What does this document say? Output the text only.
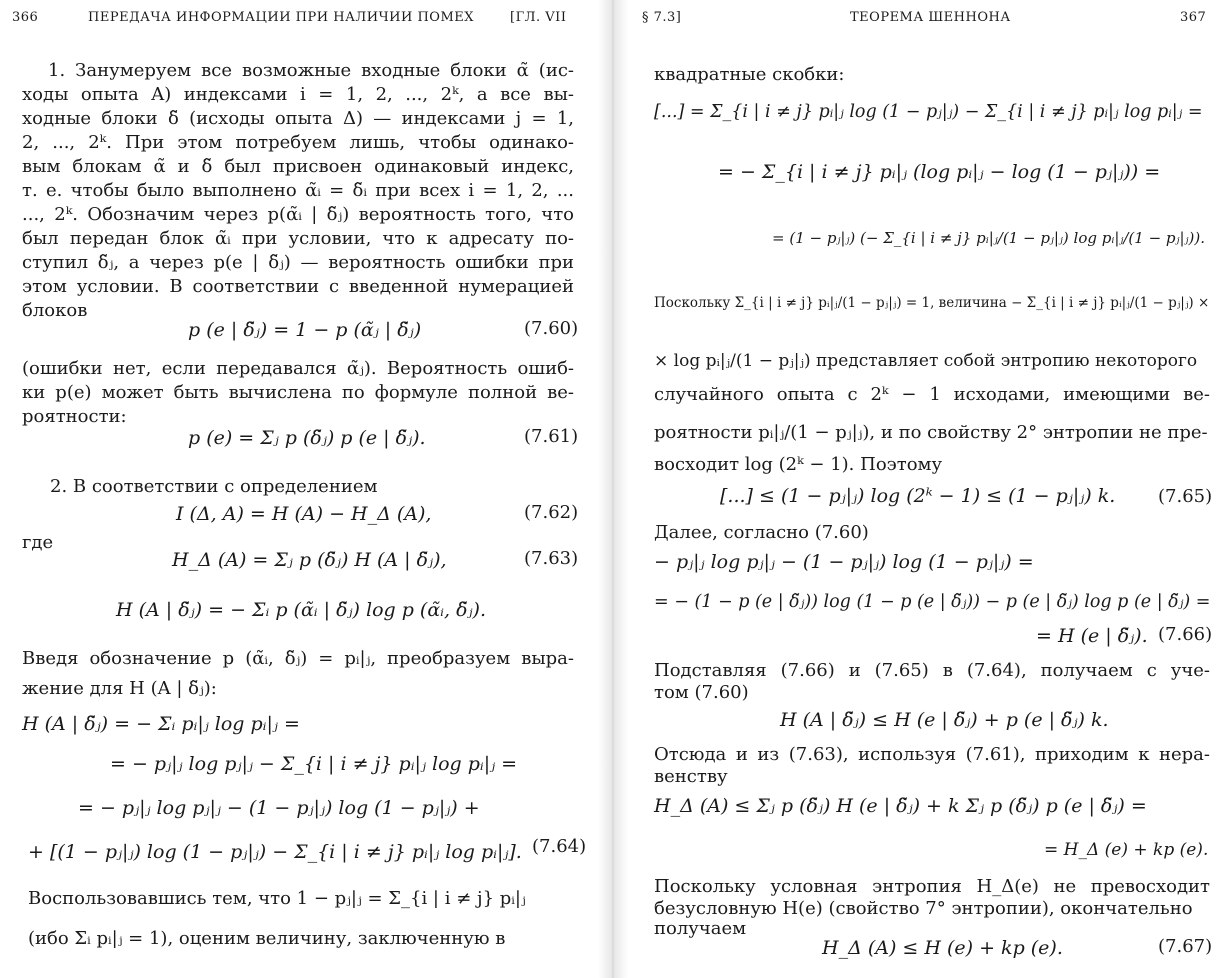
366	ПЕРЕДАЧА ИНФОРМАЦИИ ПРИ НАЛИЧИИ ПОМЕХ	[ГЛ. VII
1. Занумеруем все возможные входные блоки α̃ (ис-
ходы опыта A) индексами i = 1, 2, ..., 2ᵏ, а все вы-
ходные блоки δ̃ (исходы опыта Δ) — индексами j = 1,
2, ..., 2ᵏ. При этом потребуем лишь, чтобы одинако-
вым блокам α̃ и δ̃ был присвоен одинаковый индекс,
т. е. чтобы было выполнено α̃ᵢ = δ̃ᵢ при всех i = 1, 2, ...
..., 2ᵏ. Обозначим через p(α̃ᵢ | δ̃ⱼ) вероятность того, что
был передан блок α̃ᵢ при условии, что к адресату по-
ступил δ̃ⱼ, а через p(e | δ̃ⱼ) — вероятность ошибки при
этом условии. В соответствии с введенной нумерацией
блоков
p (e | δ̃ⱼ) = 1 − p (α̃ⱼ | δ̃ⱼ)	(7.60)
(ошибки нет, если передавался α̃ⱼ). Вероятность ошиб-
ки p(e) может быть вычислена по формуле полной ве-
роятности:
p (e) = Σⱼ p (δ̃ⱼ) p (e | δ̃ⱼ).	(7.61)
2. В соответствии с определением
I (Δ, A) = H (A) − H_Δ (A),	(7.62)
где
H_Δ (A) = Σⱼ p (δ̃ⱼ) H (A | δ̃ⱼ),	(7.63)
H (A | δ̃ⱼ) = − Σᵢ p (α̃ᵢ | δ̃ⱼ) log p (α̃ᵢ, δ̃ⱼ).
Введя обозначение p (α̃ᵢ, δ̃ⱼ) = pᵢ|ⱼ, преобразуем выра-
жение для H (A | δ̃ⱼ):
H (A | δ̃ⱼ) = − Σᵢ pᵢ|ⱼ log pᵢ|ⱼ =
= − pⱼ|ⱼ log pⱼ|ⱼ − Σ_{i | i ≠ j} pᵢ|ⱼ log pᵢ|ⱼ =
= − pⱼ|ⱼ log pⱼ|ⱼ − (1 − pⱼ|ⱼ) log (1 − pⱼ|ⱼ) +
+ [(1 − pⱼ|ⱼ) log (1 − pⱼ|ⱼ) − Σ_{i | i ≠ j} pᵢ|ⱼ log pᵢ|ⱼ]. (7.64)
Воспользовавшись тем, что 1 − pⱼ|ⱼ = Σ_{i | i ≠ j} pᵢ|ⱼ
(ибо Σᵢ pᵢ|ⱼ = 1), оценим величину, заключенную в
§ 7.3]	ТЕОРЕМА ШЕННОНА	367
квадратные скобки:
[...] = Σ_{i | i ≠ j} pᵢ|ⱼ log (1 − pⱼ|ⱼ) − Σ_{i | i ≠ j} pᵢ|ⱼ log pᵢ|ⱼ =
= − Σ_{i | i ≠ j} pᵢ|ⱼ (log pᵢ|ⱼ − log (1 − pⱼ|ⱼ)) =
= (1 − pⱼ|ⱼ) (− Σ_{i | i ≠ j} pᵢ|ⱼ/(1 − pⱼ|ⱼ) log pᵢ|ⱼ/(1 − pⱼ|ⱼ)).
Поскольку Σ_{i | i ≠ j} pᵢ|ⱼ/(1 − pⱼ|ⱼ) = 1, величина − Σ_{i | i ≠ j} pᵢ|ⱼ/(1 − pⱼ|ⱼ) ×
× log pᵢ|ⱼ/(1 − pⱼ|ⱼ) представляет собой энтропию некоторого
случайного опыта с 2ᵏ − 1 исходами, имеющими ве-
роятности pᵢ|ⱼ/(1 − pⱼ|ⱼ), и по свойству 2° энтропии не пре-
восходит log (2ᵏ − 1). Поэтому
[...] ≤ (1 − pⱼ|ⱼ) log (2ᵏ − 1) ≤ (1 − pⱼ|ⱼ) k. (7.65)
Далее, согласно (7.60)
− pⱼ|ⱼ log pⱼ|ⱼ − (1 − pⱼ|ⱼ) log (1 − pⱼ|ⱼ) =
= − (1 − p (e | δ̃ⱼ)) log (1 − p (e | δ̃ⱼ)) − p (e | δ̃ⱼ) log p (e | δ̃ⱼ) =
= H (e | δ̃ⱼ). (7.66)
Подставляя (7.66) и (7.65) в (7.64), получаем с уче-
том (7.60)
H (A | δ̃ⱼ) ≤ H (e | δ̃ⱼ) + p (e | δ̃ⱼ) k.
Отсюда и из (7.63), используя (7.61), приходим к нера-
венству
H_Δ (A) ≤ Σⱼ p (δ̃ⱼ) H (e | δ̃ⱼ) + k Σⱼ p (δ̃ⱼ) p (e | δ̃ⱼ) =
= H_Δ (e) + kp (e).
Поскольку условная энтропия H_Δ(e) не превосходит
безусловную H(e) (свойство 7° энтропии), окончательно
получаем
H_Δ (A) ≤ H (e) + kp (e).	(7.67)
